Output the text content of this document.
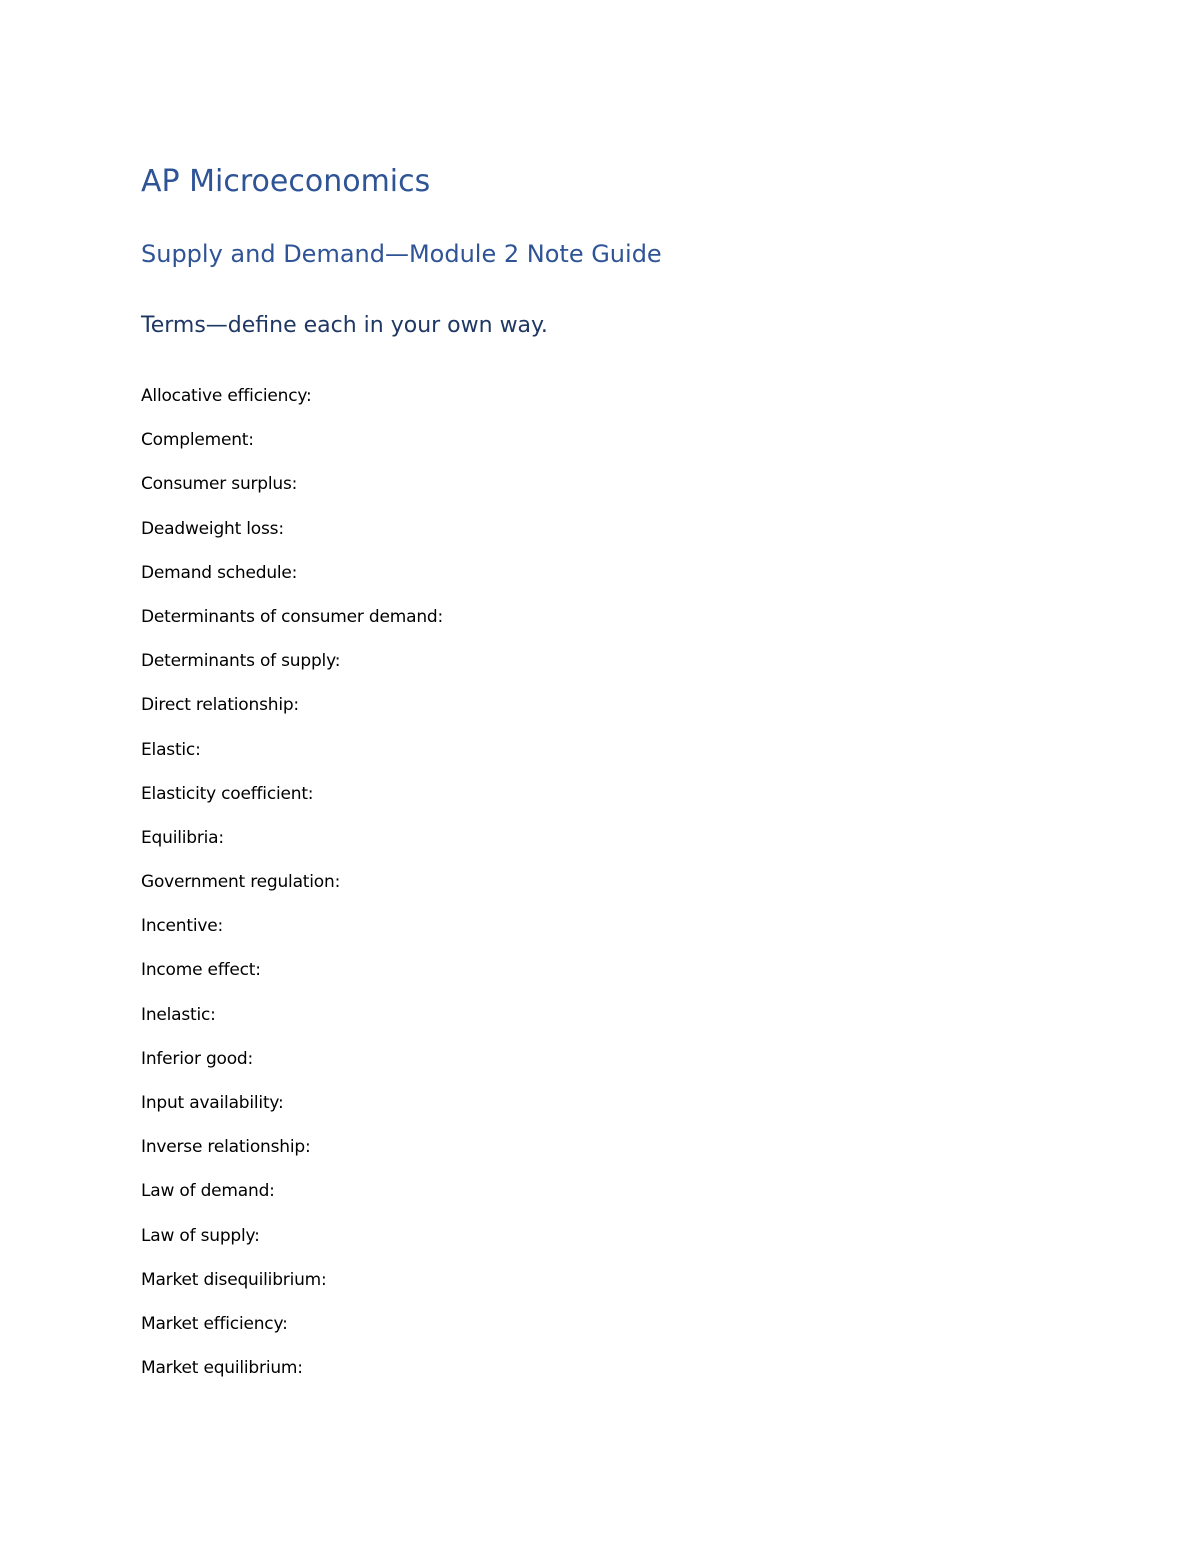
AP Microeconomics
Supply and Demand—Module 2 Note Guide
Terms—define each in your own way.
Allocative efficiency:
Complement:
Consumer surplus:
Deadweight loss:
Demand schedule:
Determinants of consumer demand:
Determinants of supply:
Direct relationship:
Elastic:
Elasticity coefficient:
Equilibria:
Government regulation:
Incentive:
Income effect:
Inelastic:
Inferior good:
Input availability:
Inverse relationship:
Law of demand:
Law of supply:
Market disequilibrium:
Market efficiency:
Market equilibrium:
